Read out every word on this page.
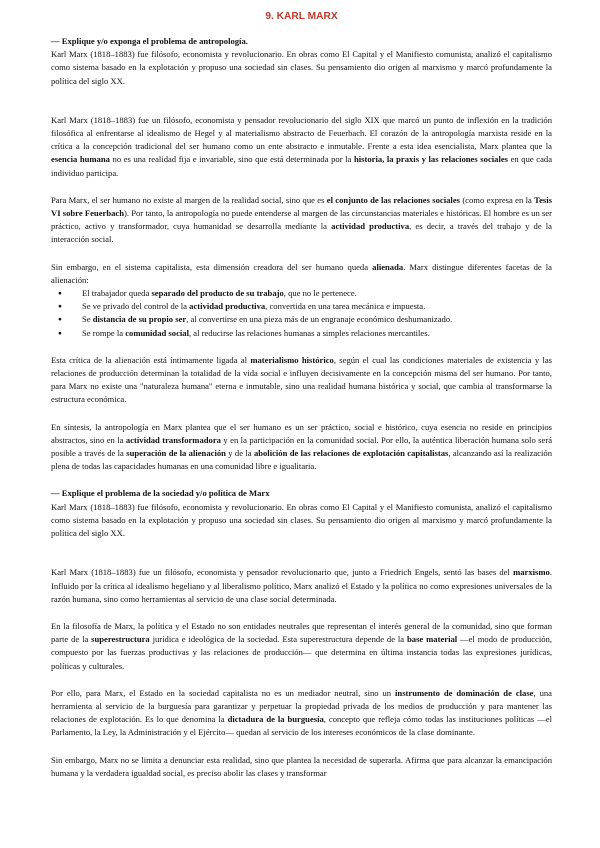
9. KARL MARX

— Explique y/o exponga el problema de antropología.

Karl Marx (1818–1883) fue filósofo, economista y revolucionario. En obras como El Capital y el Manifiesto comunista, analizó el capitalismo como sistema basado en la explotación y propuso una sociedad sin clases. Su pensamiento dio origen al marxismo y marcó profundamente la política del siglo XX.

Karl Marx (1818–1883) fue un filósofo, economista y pensador revolucionario del siglo XIX que marcó un punto de inflexión en la tradición filosófica al enfrentarse al idealismo de Hegel y al materialismo abstracto de Feuerbach. El corazón de la antropología marxista reside en la crítica a la concepción tradicional del ser humano como un ente abstracto e inmutable. Frente a esta idea esencialista, Marx plantea que la esencia humana no es una realidad fija e invariable, sino que está determinada por la historia, la praxis y las relaciones sociales en que cada individuo participa.

Para Marx, el ser humano no existe al margen de la realidad social, sino que es el conjunto de las relaciones sociales (como expresa en la Tesis VI sobre Feuerbach). Por tanto, la antropología no puede entenderse al margen de las circunstancias materiales e históricas. El hombre es un ser práctico, activo y transformador, cuya humanidad se desarrolla mediante la actividad productiva, es decir, a través del trabajo y de la interacción social.

Sin embargo, en el sistema capitalista, esta dimensión creadora del ser humano queda alienada. Marx distingue diferentes facetas de la alienación:

● El trabajador queda separado del producto de su trabajo, que no le pertenece.
● Se ve privado del control de la actividad productiva, convertida en una tarea mecánica e impuesta.
● Se distancia de su propio ser, al convertirse en una pieza más de un engranaje económico deshumanizado.
● Se rompe la comunidad social, al reducirse las relaciones humanas a simples relaciones mercantiles.

Esta crítica de la alienación está íntimamente ligada al materialismo histórico, según el cual las condiciones materiales de existencia y las relaciones de producción determinan la totalidad de la vida social e influyen decisivamente en la concepción misma del ser humano. Por tanto, para Marx no existe una "naturaleza humana" eterna e inmutable, sino una realidad humana histórica y social, que cambia al transformarse la estructura económica.

En síntesis, la antropología en Marx plantea que el ser humano es un ser práctico, social e histórico, cuya esencia no reside en principios abstractos, sino en la actividad transformadora y en la participación en la comunidad social. Por ello, la auténtica liberación humana solo será posible a través de la superación de la alienación y de la abolición de las relaciones de explotación capitalistas, alcanzando así la realización plena de todas las capacidades humanas en una comunidad libre e igualitaria.

— Explique el problema de la sociedad y/o política de Marx

Karl Marx (1818–1883) fue filósofo, economista y revolucionario. En obras como El Capital y el Manifiesto comunista, analizó el capitalismo como sistema basado en la explotación y propuso una sociedad sin clases. Su pensamiento dio origen al marxismo y marcó profundamente la política del siglo XX.

Karl Marx (1818–1883) fue un filósofo, economista y pensador revolucionario que, junto a Friedrich Engels, sentó las bases del marxismo. Influido por la crítica al idealismo hegeliano y al liberalismo político, Marx analizó el Estado y la política no como expresiones universales de la razón humana, sino como herramientas al servicio de una clase social determinada.

En la filosofía de Marx, la política y el Estado no son entidades neutrales que representan el interés general de la comunidad, sino que forman parte de la superestructura jurídica e ideológica de la sociedad. Esta superestructura depende de la base material —el modo de producción, compuesto por las fuerzas productivas y las relaciones de producción— que determina en última instancia todas las expresiones jurídicas, políticas y culturales.

Por ello, para Marx, el Estado en la sociedad capitalista no es un mediador neutral, sino un instrumento de dominación de clase, una herramienta al servicio de la burguesía para garantizar y perpetuar la propiedad privada de los medios de producción y para mantener las relaciones de explotación. Es lo que denomina la dictadura de la burguesía, concepto que refleja cómo todas las instituciones políticas —el Parlamento, la Ley, la Administración y el Ejército— quedan al servicio de los intereses económicos de la clase dominante.

Sin embargo, Marx no se limita a denunciar esta realidad, sino que plantea la necesidad de superarla. Afirma que para alcanzar la emancipación humana y la verdadera igualdad social, es preciso abolir las clases y transformar
